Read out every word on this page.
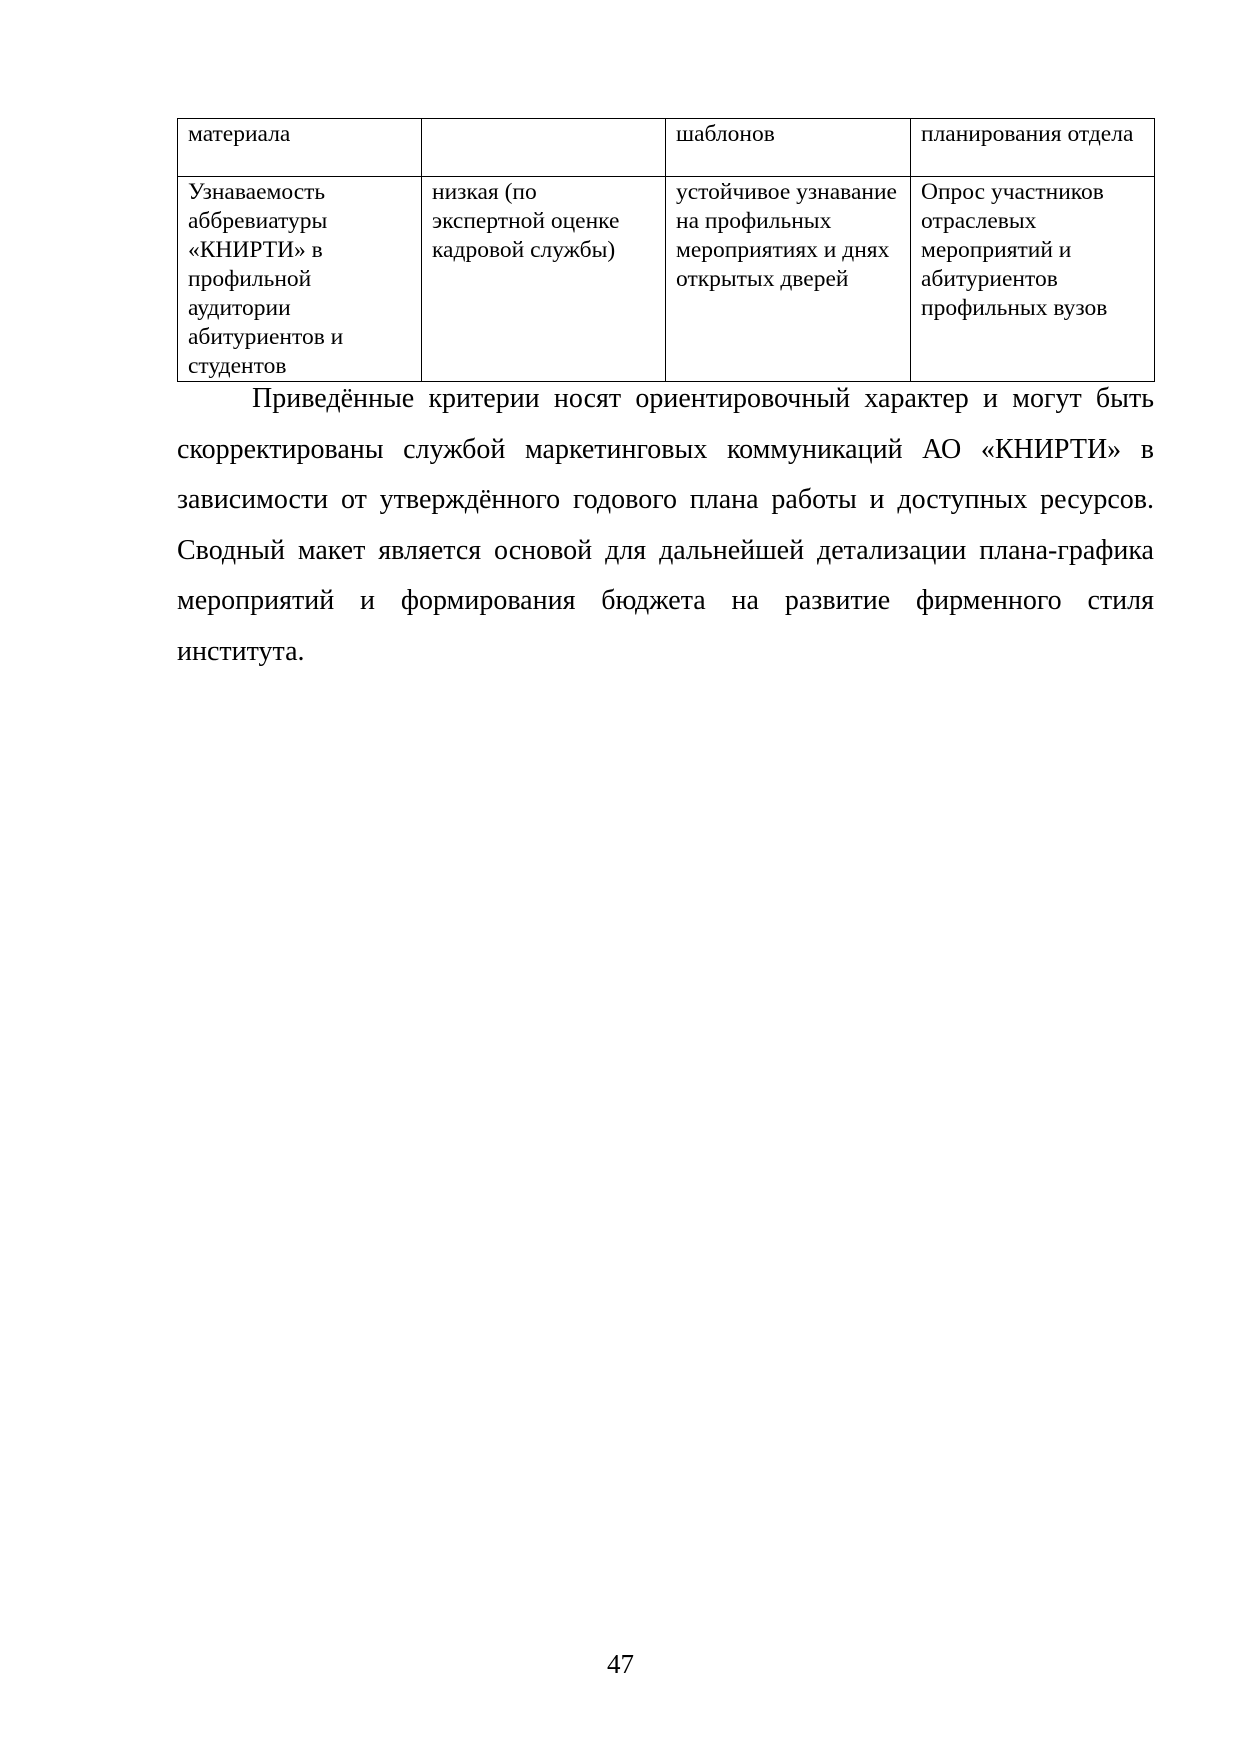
материала		шаблонов	планирования отдела
Узнаваемость аббревиатуры «КНИРТИ» в профильной аудитории абитуриентов и студентов	низкая (по экспертной оценке кадровой службы)	устойчивое узнавание на профильных мероприятиях и днях открытых дверей	Опрос участников отраслевых мероприятий и абитуриентов профильных вузов

Приведённые критерии носят ориентировочный характер и могут быть скорректированы службой маркетинговых коммуникаций АО «КНИРТИ» в зависимости от утверждённого годового плана работы и доступных ресурсов. Сводный макет является основой для дальнейшей детализации плана-графика мероприятий и формирования бюджета на развитие фирменного стиля института.

47
